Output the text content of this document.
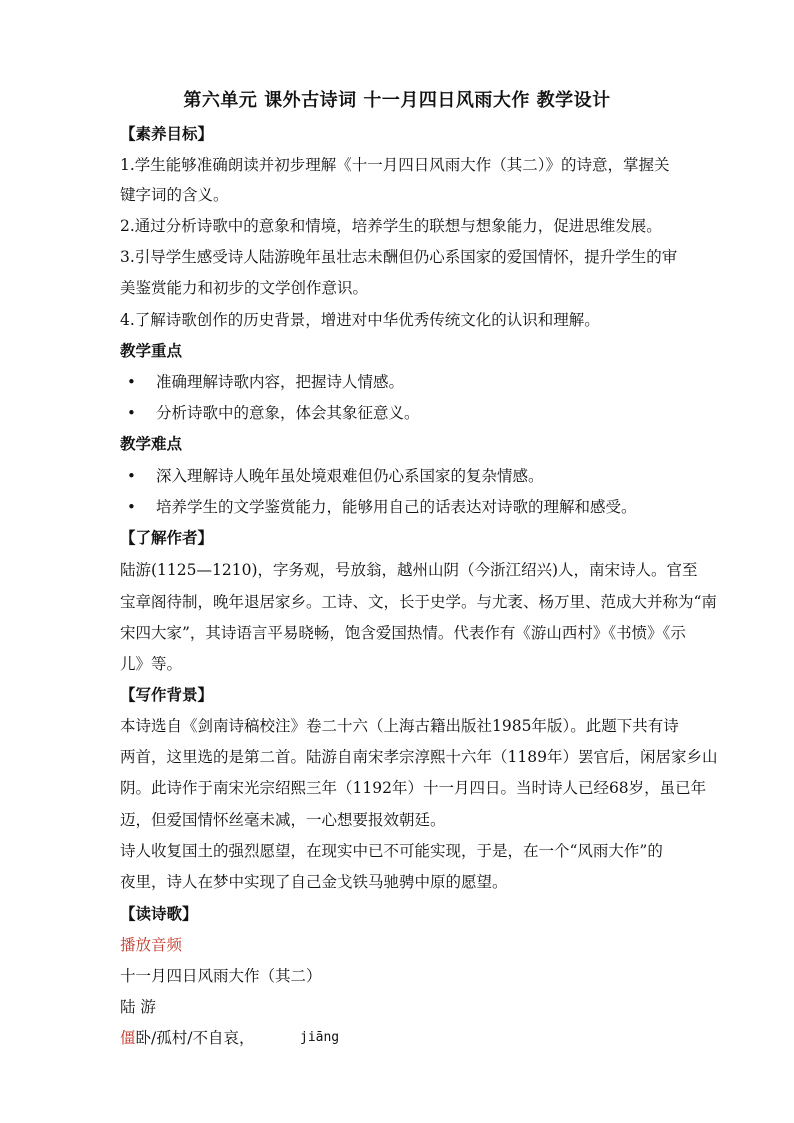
第六单元 课外古诗词 十一月四日风雨大作 教学设计
【素养目标】
1.学生能够准确朗读并初步理解《十一月四日风雨大作（其二）》的诗意，掌握关
键字词的含义。
2.通过分析诗歌中的意象和情境，培养学生的联想与想象能力，促进思维发展。
3.引导学生感受诗人陆游晚年虽壮志未酬但仍心系国家的爱国情怀，提升学生的审
美鉴赏能力和初步的文学创作意识。
4.了解诗歌创作的历史背景，增进对中华优秀传统文化的认识和理解。
教学重点
• 准确理解诗歌内容，把握诗人情感。
• 分析诗歌中的意象，体会其象征意义。
教学难点
• 深入理解诗人晚年虽处境艰难但仍心系国家的复杂情感。
• 培养学生的文学鉴赏能力，能够用自己的话表达对诗歌的理解和感受。
【了解作者】
陆游(1125—1210)，字务观，号放翁，越州山阴（今浙江绍兴)人，南宋诗人。官至
宝章阁待制，晚年退居家乡。工诗、文，长于史学。与尤袤、杨万里、范成大并称为“南
宋四大家”，其诗语言平易晓畅，饱含爱国热情。代表作有《游山西村》《书愤》《示
儿》等。
【写作背景】
本诗选自《剑南诗稿校注》卷二十六（上海古籍出版社1985年版）。此题下共有诗
两首，这里选的是第二首。陆游自南宋孝宗淳熙十六年（1189年）罢官后，闲居家乡山
阴。此诗作于南宋光宗绍熙三年（1192年）十一月四日。当时诗人已经68岁，虽已年
迈，但爱国情怀丝毫未减，一心想要报效朝廷。
诗人收复国土的强烈愿望，在现实中已不可能实现，于是，在一个“风雨大作”的
夜里，诗人在梦中实现了自己金戈铁马驰骋中原的愿望。
【读诗歌】
播放音频
十一月四日风雨大作（其二）
陆 游
僵卧/孤村/不自哀，	jiāng
